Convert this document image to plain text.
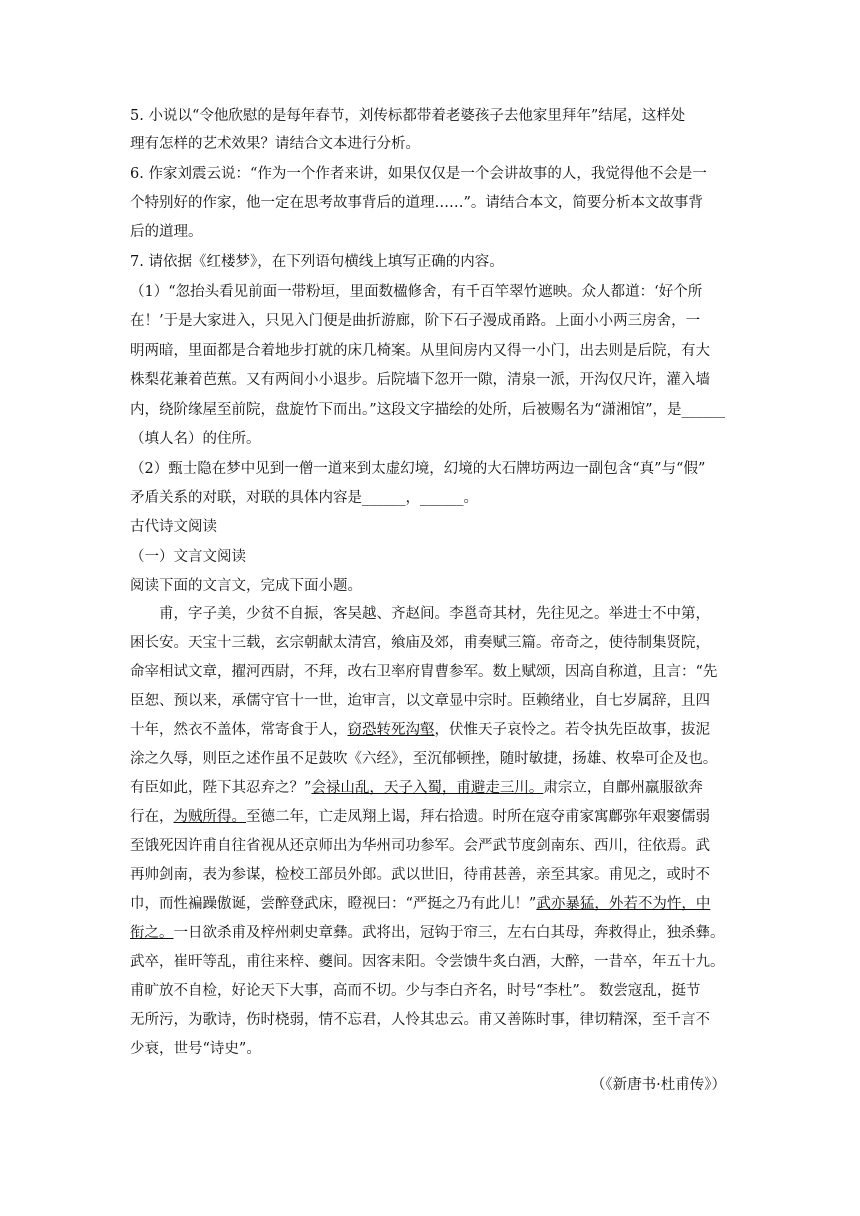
5. 小说以“令他欣慰的是每年春节，刘传标都带着老婆孩子去他家里拜年”结尾，这样处
理有怎样的艺术效果？请结合文本进行分析。
6. 作家刘震云说：“作为一个作者来讲，如果仅仅是一个会讲故事的人，我觉得他不会是一
个特别好的作家，他一定在思考故事背后的道理……”。请结合本文，简要分析本文故事背
后的道理。
7. 请依据《红楼梦》，在下列语句横线上填写正确的内容。
（1）“忽抬头看见前面一带粉垣，里面数楹修舍，有千百竿翠竹遮映。众人都道：‘好个所
在！’于是大家进入，只见入门便是曲折游廊，阶下石子漫成甬路。上面小小两三房舍，一
明两暗，里面都是合着地步打就的床几椅案。从里间房内又得一小门，出去则是后院，有大
株梨花兼着芭蕉。又有两间小小退步。后院墙下忽开一隙，清泉一派，开沟仅尺许，灌入墙
内，绕阶缘屋至前院，盘旋竹下而出。”这段文字描绘的处所，后被赐名为“潇湘馆”，是______
（填人名）的住所。
（2）甄士隐在梦中见到一僧一道来到太虚幻境，幻境的大石牌坊两边一副包含“真”与“假”
矛盾关系的对联，对联的具体内容是______，______。
古代诗文阅读
（一）文言文阅读
阅读下面的文言文，完成下面小题。
甫，字子美，少贫不自振，客吴越、齐赵间。李邕奇其材，先往见之。举进士不中第，
困长安。天宝十三载，玄宗朝献太清宫，飨庙及郊，甫奏赋三篇。帝奇之，使待制集贤院，
命宰相试文章，擢河西尉，不拜，改右卫率府胄曹参军。数上赋颂，因高自称道，且言：“先
臣恕、预以来，承儒守官十一世，迨审言，以文章显中宗时。臣赖绪业，自七岁属辞，且四
十年，然衣不盖体，常寄食于人，窃恐转死沟壑，伏惟天子哀怜之。若令执先臣故事，拔泥
涂之久辱，则臣之述作虽不足鼓吹《六经》，至沉郁顿挫，随时敏捷，扬雄、枚皋可企及也。
有臣如此，陛下其忍弃之？”会禄山乱，天子入蜀，甫避走三川。肃宗立，自鄜州羸服欲奔
行在，为贼所得。至德二年，亡走凤翔上谒，拜右拾遗。时所在寇夺甫家寓鄜弥年艰窭儒弱
至饿死因许甫自往省视从还京师出为华州司功参军。会严武节度剑南东、西川，往依焉。武
再帅剑南，表为参谋，检校工部员外郎。武以世旧，待甫甚善，亲至其家。甫见之，或时不
巾，而性褊躁傲诞，尝醉登武床，瞪视曰：“严挺之乃有此儿！”武亦暴猛，外若不为忤，中
衔之。一日欲杀甫及梓州刺史章彝。武将出，冠钩于帘三，左右白其母，奔救得止，独杀彝。
武卒，崔旰等乱，甫往来梓、夔间。因客耒阳。令尝馈牛炙白酒，大醉，一昔卒，年五十九。
甫旷放不自检，好论天下大事，高而不切。少与李白齐名，时号“李杜”。 数尝寇乱，挺节
无所污，为歌诗，伤时桡弱，情不忘君，人怜其忠云。甫又善陈时事，律切精深，至千言不
少衰，世号“诗史”。
（《新唐书·杜甫传》）
